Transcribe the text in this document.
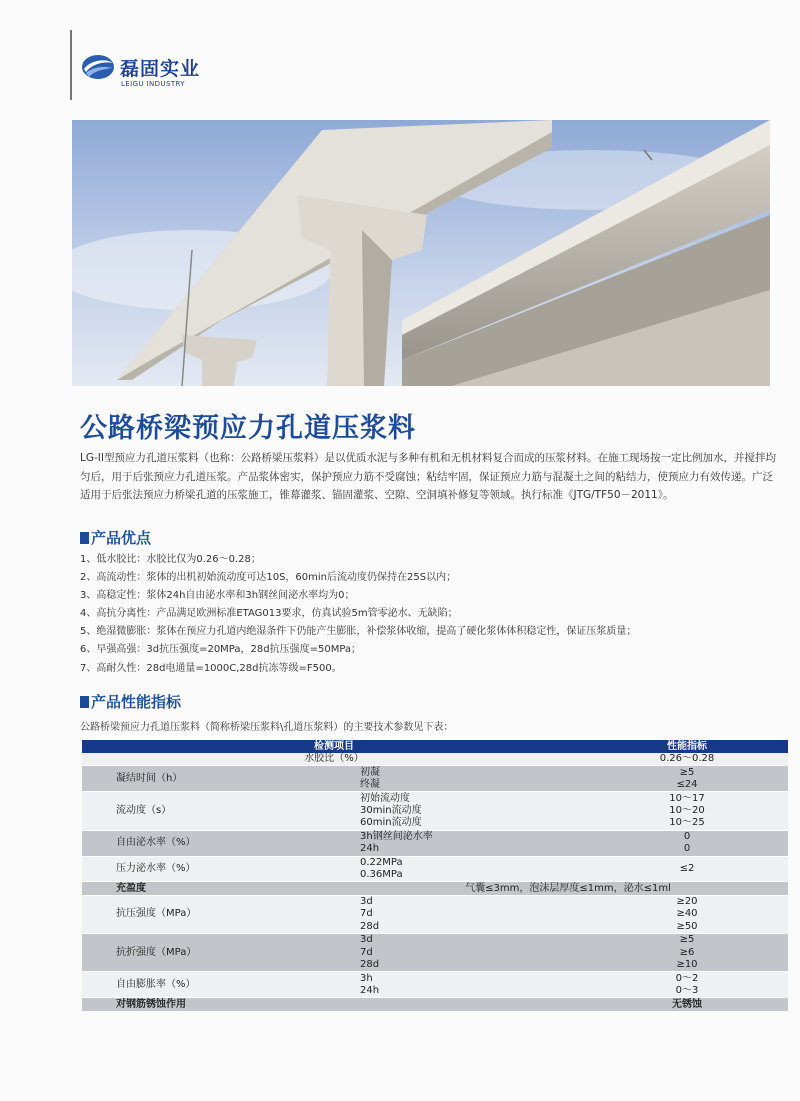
磊固实业
LEIGU INDUSTRY
公路桥梁预应力孔道压浆料
LG-II型预应力孔道压浆料（也称：公路桥梁压浆料）是以优质水泥与多种有机和无机材料复合而成的压浆材料。在施工现场按一定比例加水，并搅拌均匀后，用于后张预应力孔道压浆。产品浆体密实，保护预应力筋不受腐蚀；粘结牢固，保证预应力筋与混凝土之间的粘结力，使预应力有效传递。广泛适用于后张法预应力桥梁孔道的压浆施工，锥幕灌浆、锚固灌浆、空隙、空洞填补修复等领域。执行标准《JTG/TF50－2011》。
产品优点
1、低水胶比：水胶比仅为0.26～0.28；
2、高流动性：浆体的出机初始流动度可达10S，60min后流动度仍保持在25S以内；
3、高稳定性：浆体24h自由泌水率和3h钢丝间泌水率均为0；
4、高抗分离性：产品满足欧洲标准ETAG013要求，仿真试验5m管零泌水、无缺陷；
5、绝湿微膨胀：浆体在预应力孔道内绝湿条件下仍能产生膨胀，补偿浆体收缩，提高了硬化浆体体积稳定性，保证压浆质量；
6、早强高强：3d抗压强度=20MPa，28d抗压强度=50MPa；
7、高耐久性：28d电通量=1000C,28d抗冻等级=F500。
产品性能指标
公路桥梁预应力孔道压浆料（简称桥梁压浆料\孔道压浆料）的主要技术参数见下表：
检测项目		性能指标
水胶比（%）		0.26～0.28
凝结时间（h）	初凝	≥5
	终凝	≤24
流动度（s）	初始流动度	10～17
	30min流动度	10～20
	60min流动度	10～25
自由泌水率（%）	3h钢丝间泌水率	0
	24h	0
压力泌水率（%）	0.22MPa	≤2
	0.36MPa	
充盈度	气囊≤3mm，泡沫层厚度≤1mm，泌水≤1ml	
抗压强度（MPa）	3d	≥20
	7d	≥40
	28d	≥50
抗折强度（MPa）	3d	≥5
	7d	≥6
	28d	≥10
自由膨胀率（%）	3h	0～2
	24h	0～3
对钢筋锈蚀作用		无锈蚀
